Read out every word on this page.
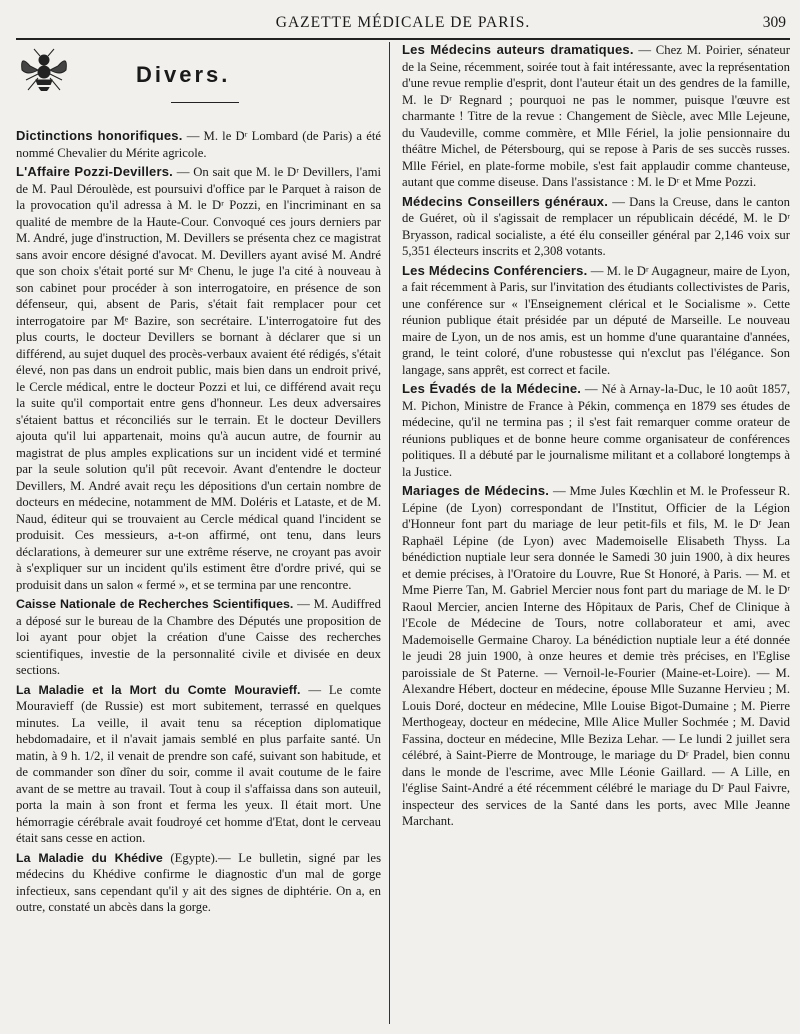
GAZETTE MÉDICALE DE PARIS.	309
Divers.

Dictinctions honorifiques. — M. le Dʳ Lombard (de Paris) a été nommé Chevalier du Mérite agricole.

L'Affaire Pozzi-Devillers. — On sait que M. le Dʳ Devillers, l'ami de M. Paul Déroulède, est poursuivi d'office par le Parquet à raison de la provocation qu'il adressa à M. le Dʳ Pozzi, en l'incriminant en sa qualité de membre de la Haute-Cour. Convoqué ces jours derniers par M. André, juge d'instruction, M. Devillers se présenta chez ce magistrat sans avoir encore désigné d'avocat. M. Devillers ayant avisé M. André que son choix s'était porté sur Mᵉ Chenu, le juge l'a cité à nouveau à son cabinet pour procéder à son interrogatoire, en présence de son défenseur, qui, absent de Paris, s'était fait remplacer pour cet interrogatoire par Mᵉ Bazire, son secrétaire. L'interrogatoire fut des plus courts, le docteur Devillers se bornant à déclarer que si un différend, au sujet duquel des procès-verbaux avaient été rédigés, s'était élevé, non pas dans un endroit public, mais bien dans un endroit privé, le Cercle médical, entre le docteur Pozzi et lui, ce différend avait reçu la suite qu'il comportait entre gens d'honneur. Les deux adversaires s'étaient battus et réconciliés sur le terrain. Et le docteur Devillers ajouta qu'il lui appartenait, moins qu'à aucun autre, de fournir au magistrat de plus amples explications sur un incident vidé et terminé par la seule solution qu'il pût recevoir. Avant d'entendre le docteur Devillers, M. André avait reçu les dépositions d'un certain nombre de docteurs en médecine, notamment de MM. Doléris et Lataste, et de M. Naud, éditeur qui se trouvaient au Cercle médical quand l'incident se produisit. Ces messieurs, a-t-on affirmé, ont tenu, dans leurs déclarations, à demeurer sur une extrême réserve, ne croyant pas avoir à s'expliquer sur un incident qu'ils estiment être d'ordre privé, qui se produisit dans un salon « fermé », et se termina par une rencontre.

Caisse Nationale de Recherches Scientifiques. — M. Audiffred a déposé sur le bureau de la Chambre des Députés une proposition de loi ayant pour objet la création d'une Caisse des recherches scientifiques, investie de la personnalité civile et divisée en deux sections.

La Maladie et la Mort du Comte Mouravieff. — Le comte Mouravieff (de Russie) est mort subitement, terrassé en quelques minutes. La veille, il avait tenu sa réception diplomatique hebdomadaire, et il n'avait jamais semblé en plus parfaite santé. Un matin, à 9 h. 1/2, il venait de prendre son café, suivant son habitude, et de commander son dîner du soir, comme il avait coutume de le faire avant de se mettre au travail. Tout à coup il s'affaissa dans son auteuil, porta la main à son front et ferma les yeux. Il était mort. Une hémorragie cérébrale avait foudroyé cet homme d'Etat, dont le cerveau était sans cesse en action.

La Maladie du Khédive (Egypte).— Le bulletin, signé par les médecins du Khédive confirme le diagnostic d'un mal de gorge infectieux, sans cependant qu'il y ait des signes de diphtérie. On a, en outre, constaté un abcès dans la gorge.

Les Médecins auteurs dramatiques. — Chez M. Poirier, sénateur de la Seine, récemment, soirée tout à fait intéressante, avec la représentation d'une revue remplie d'esprit, dont l'auteur était un des gendres de la famille, M. le Dʳ Regnard ; pourquoi ne pas le nommer, puisque l'œuvre est charmante ! Titre de la revue : Changement de Siècle, avec Mlle Lejeune, du Vaudeville, comme commère, et Mlle Fériel, la jolie pensionnaire du théâtre Michel, de Pétersbourg, qui se repose à Paris de ses succès russes. Mlle Fériel, en plate-forme mobile, s'est fait applaudir comme chanteuse, autant que comme diseuse. Dans l'assistance : M. le Dʳ et Mme Pozzi.

Médecins Conseillers généraux. — Dans la Creuse, dans le canton de Guéret, où il s'agissait de remplacer un républicain décédé, M. le Dʳ Bryasson, radical socialiste, a été élu conseiller général par 2,146 voix sur 5,351 électeurs inscrits et 2,308 votants.

Les Médecins Conférenciers. — M. le Dʳ Augagneur, maire de Lyon, a fait récemment à Paris, sur l'invitation des étudiants collectivistes de Paris, une conférence sur « l'Enseignement clérical et le Socialisme ». Cette réunion publique était présidée par un député de Marseille. Le nouveau maire de Lyon, un de nos amis, est un homme d'une quarantaine d'années, grand, le teint coloré, d'une robustesse qui n'exclut pas l'élégance. Son langage, sans apprêt, est correct et facile.

Les Évadés de la Médecine. — Né à Arnay-la-Duc, le 10 août 1857, M. Pichon, Ministre de France à Pékin, commença en 1879 ses études de médecine, qu'il ne termina pas ; il s'est fait remarquer comme orateur de réunions publiques et de bonne heure comme organisateur de conférences politiques. Il a débuté par le journalisme militant et a collaboré longtemps à la Justice.

Mariages de Médecins. — Mme Jules Kœchlin et M. le Professeur R. Lépine (de Lyon) correspondant de l'Institut, Officier de la Légion d'Honneur font part du mariage de leur petit-fils et fils, M. le Dʳ Jean Raphaël Lépine (de Lyon) avec Mademoiselle Elisabeth Thyss. La bénédiction nuptiale leur sera donnée le Samedi 30 juin 1900, à dix heures et demie précises, à l'Oratoire du Louvre, Rue St Honoré, à Paris. — M. et Mme Pierre Tan, M. Gabriel Mercier nous font part du mariage de M. le Dʳ Raoul Mercier, ancien Interne des Hôpitaux de Paris, Chef de Clinique à l'Ecole de Médecine de Tours, notre collaborateur et ami, avec Mademoiselle Germaine Charoy. La bénédiction nuptiale leur a été donnée le jeudi 28 juin 1900, à onze heures et demie très précises, en l'Eglise paroissiale de St Paterne. — Vernoil-le-Fourier (Maine-et-Loire). — M. Alexandre Hébert, docteur en médecine, épouse Mlle Suzanne Hervieu ; M. Louis Doré, docteur en médecine, Mlle Louise Bigot-Dumaine ; M. Pierre Merthogeay, docteur en médecine, Mlle Alice Muller Sochmée ; M. David Fassina, docteur en médecine, Mlle Beziza Lehar. — Le lundi 2 juillet sera célébré, à Saint-Pierre de Montrouge, le mariage du Dʳ Pradel, bien connu dans le monde de l'escrime, avec Mlle Léonie Gaillard. — A Lille, en l'église Saint-André a été récemment célébré le mariage du Dʳ Paul Faivre, inspecteur des services de la Santé dans les ports, avec Mlle Jeanne Marchant.
